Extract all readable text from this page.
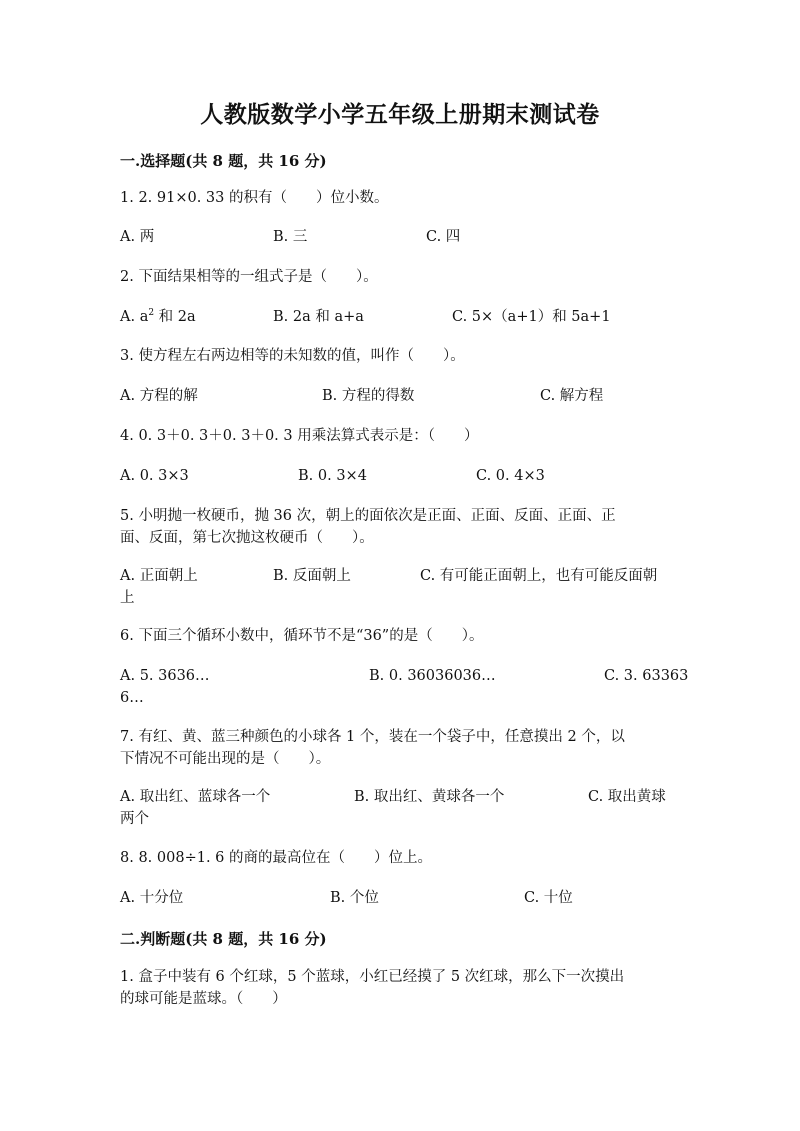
人教版数学小学五年级上册期末测试卷

一.选择题(共 8 题，共 16 分)

1. 2. 91×0. 33 的积有（　　）位小数。

A. 两	B. 三	C. 四

2. 下面结果相等的一组式子是（　　）。

A. $a^2$ 和 2a	B. 2a 和 a+a	C. 5×（a+1）和 5a+1

3. 使方程左右两边相等的未知数的值，叫作（　　）。

A. 方程的解	B. 方程的得数	C. 解方程

4. 0. 3＋0. 3＋0. 3＋0. 3 用乘法算式表示是：（　　）

A. 0. 3×3	B. 0. 3×4	C. 0. 4×3

5. 小明抛一枚硬币，抛 36 次，朝上的面依次是正面、正面、反面、正面、正

面、反面，第七次抛这枚硬币（　　）。

A. 正面朝上	B. 反面朝上	C. 有可能正面朝上，也有可能反面朝
上

6. 下面三个循环小数中，循环节不是“36”的是（　　）。

A. 5. 3636…	B. 0. 36036036…	C. 3. 63363
6…

7. 有红、黄、蓝三种颜色的小球各 1 个，装在一个袋子中，任意摸出 2 个，以

下情况不可能出现的是（　　）。

A. 取出红、蓝球各一个	B. 取出红、黄球各一个	C. 取出黄球
两个

8. 8. 008÷1. 6 的商的最高位在（　　）位上。

A. 十分位	B. 个位	C. 十位

二.判断题(共 8 题，共 16 分)

1. 盒子中装有 6 个红球，5 个蓝球，小红已经摸了 5 次红球，那么下一次摸出

的球可能是蓝球。（　　）
